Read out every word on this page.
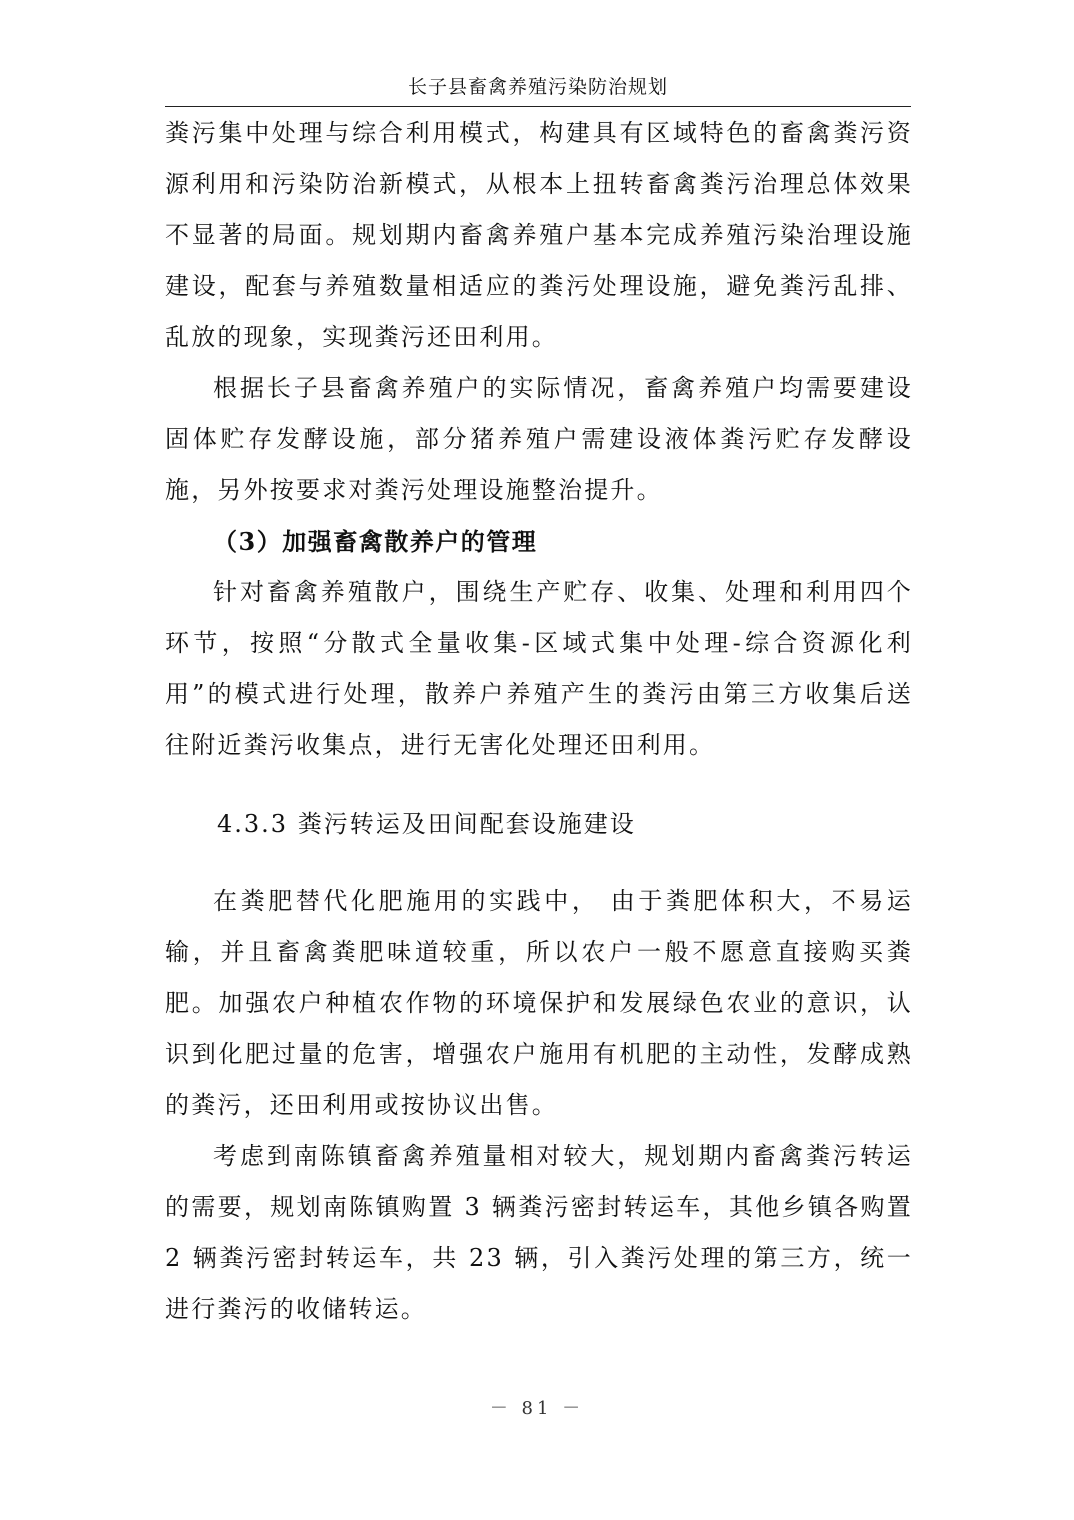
长子县畜禽养殖污染防治规划

粪污集中处理与综合利用模式，构建具有区域特色的畜禽粪污资源利用和污染防治新模式，从根本上扭转畜禽粪污治理总体效果不显著的局面。规划期内畜禽养殖户基本完成养殖污染治理设施建设，配套与养殖数量相适应的粪污处理设施，避免粪污乱排、乱放的现象，实现粪污还田利用。

根据长子县畜禽养殖户的实际情况，畜禽养殖户均需要建设固体贮存发酵设施，部分猪养殖户需建设液体粪污贮存发酵设施，另外按要求对粪污处理设施整治提升。

（3）加强畜禽散养户的管理

针对畜禽养殖散户，围绕生产贮存、收集、处理和利用四个环节，按照“分散式全量收集-区域式集中处理-综合资源化利用”的模式进行处理，散养户养殖产生的粪污由第三方收集后送往附近粪污收集点，进行无害化处理还田利用。

4.3.3 粪污转运及田间配套设施建设

在粪肥替代化肥施用的实践中， 由于粪肥体积大，不易运输，并且畜禽粪肥味道较重，所以农户一般不愿意直接购买粪肥。加强农户种植农作物的环境保护和发展绿色农业的意识，认识到化肥过量的危害，增强农户施用有机肥的主动性，发酵成熟的粪污，还田利用或按协议出售。

考虑到南陈镇畜禽养殖量相对较大，规划期内畜禽粪污转运的需要，规划南陈镇购置 3 辆粪污密封转运车，其他乡镇各购置 2 辆粪污密封转运车，共 23 辆，引入粪污处理的第三方，统一进行粪污的收储转运。

－ 81 －
